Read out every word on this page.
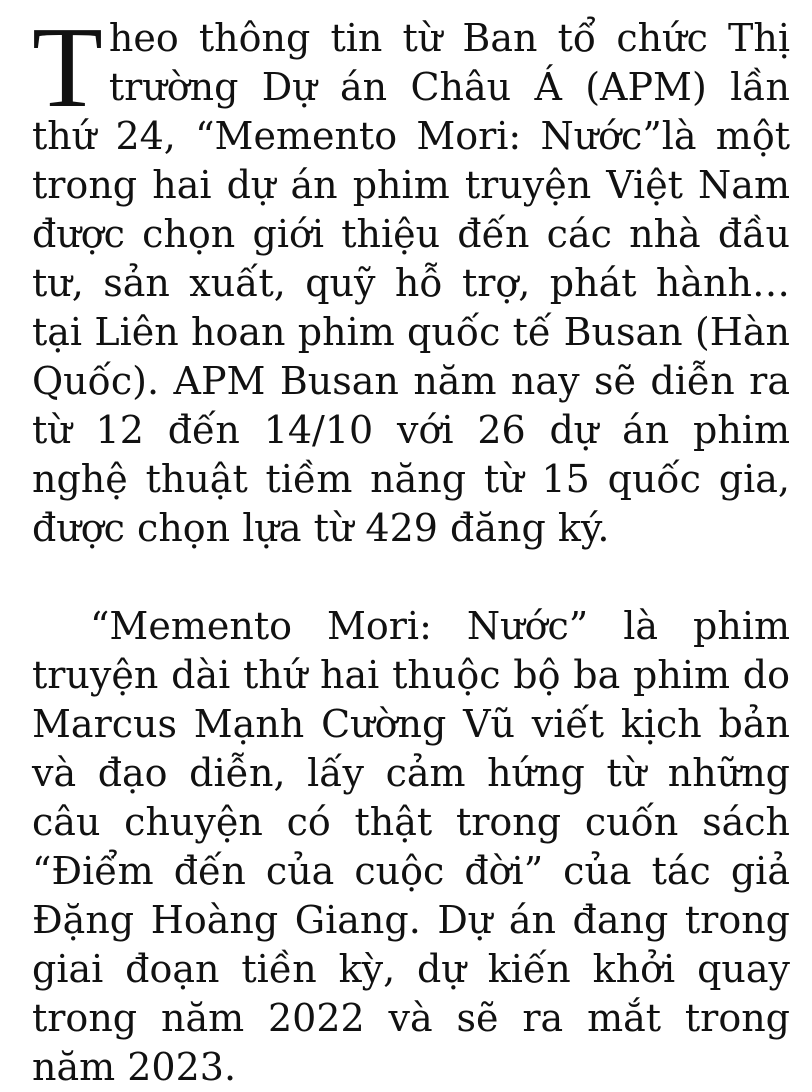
Theo thông tin từ Ban tổ chức Thị trường Dự án Châu Á (APM) lần thứ 24, “Memento Mori: Nước”là một trong hai dự án phim truyện Việt Nam được chọn giới thiệu đến các nhà đầu tư, sản xuất, quỹ hỗ trợ, phát hành… tại Liên hoan phim quốc tế Busan (Hàn Quốc). APM Busan năm nay sẽ diễn ra từ 12 đến 14/10 với 26 dự án phim nghệ thuật tiềm năng từ 15 quốc gia, được chọn lựa từ 429 đăng ký.

“Memento Mori: Nước” là phim truyện dài thứ hai thuộc bộ ba phim do Marcus Mạnh Cường Vũ viết kịch bản và đạo diễn, lấy cảm hứng từ những câu chuyện có thật trong cuốn sách “Điểm đến của cuộc đời” của tác giả Đặng Hoàng Giang. Dự án đang trong giai đoạn tiền kỳ, dự kiến khởi quay trong năm 2022 và sẽ ra mắt trong năm 2023.
